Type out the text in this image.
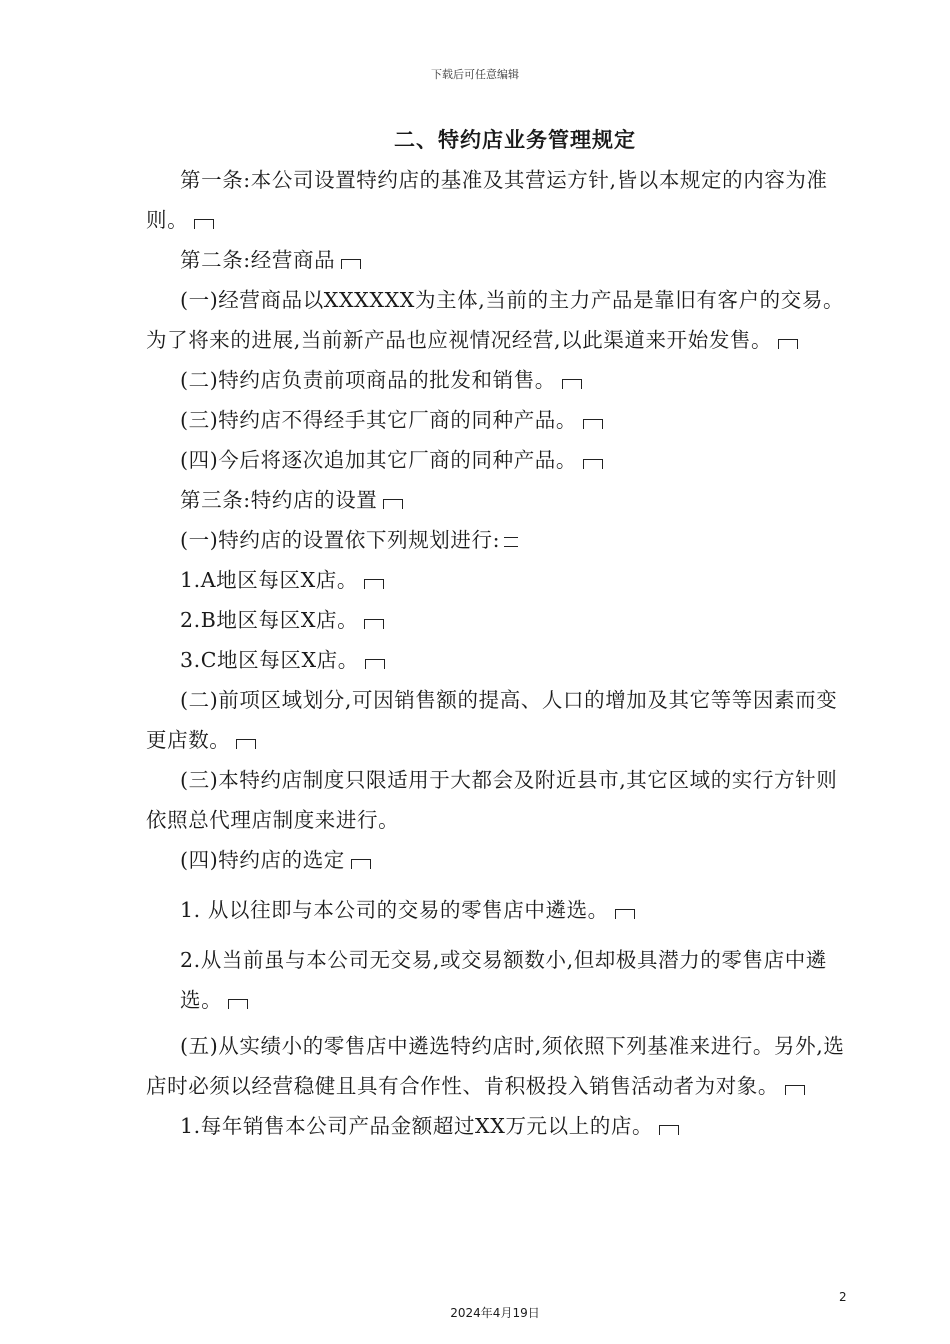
下载后可任意编辑
二、特约店业务管理规定

第一条:本公司设置特约店的基准及其营运方针,皆以本规定的内容为准则。

第二条:经营商品

(一)经营商品以XXXXXX为主体,当前的主力产品是靠旧有客户的交易。为了将来的进展,当前新产品也应视情况经营,以此渠道来开始发售。

(二)特约店负责前项商品的批发和销售。

(三)特约店不得经手其它厂商的同种产品。

(四)今后将逐次追加其它厂商的同种产品。

第三条:特约店的设置

(一)特约店的设置依下列规划进行:

1.A地区每区X店。

2.B地区每区X店。

3.C地区每区X店。

(二)前项区域划分,可因销售额的提高、人口的增加及其它等等因素而变更店数。

(三)本特约店制度只限适用于大都会及附近县市,其它区域的实行方针则依照总代理店制度来进行。

(四)特约店的选定

1. 从以往即与本公司的交易的零售店中遴选。

2.从当前虽与本公司无交易,或交易额数小,但却极具潜力的零售店中遴选。

(五)从实绩小的零售店中遴选特约店时,须依照下列基准来进行。另外,选店时必须以经营稳健且具有合作性、肯积极投入销售活动者为对象。

1.每年销售本公司产品金额超过XX万元以上的店。

2
2024年4月19日
